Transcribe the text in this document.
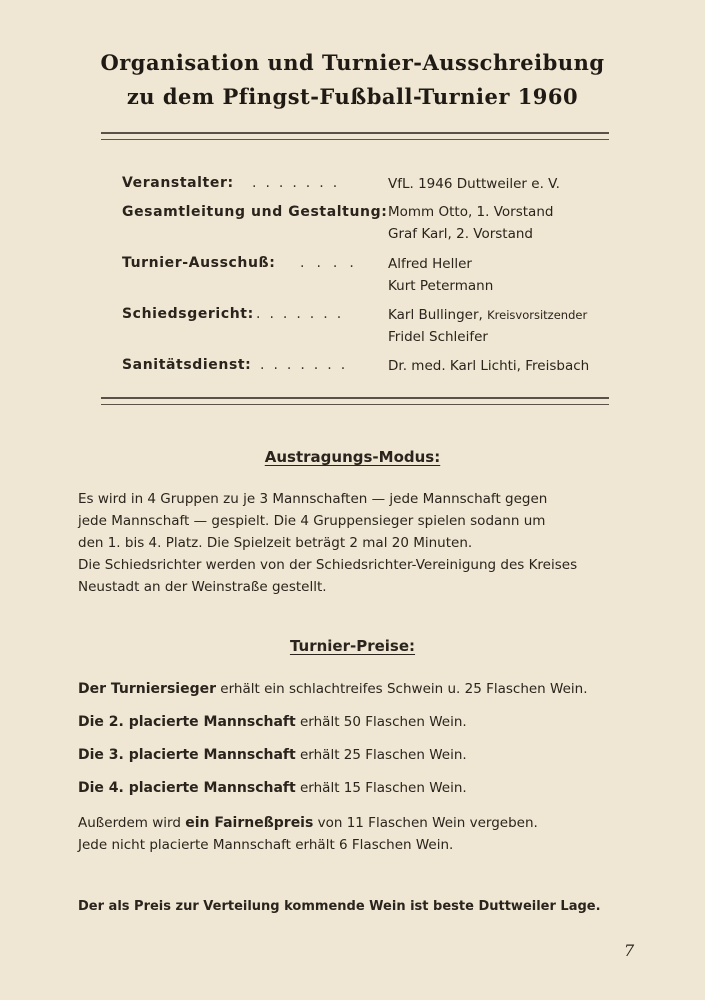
Organisation und Turnier-Ausschreibung
zu dem Pfingst-Fußball-Turnier 1960
Veranstalter: .......	VfL. 1946 Duttweiler e. V.
Gesamtleitung und Gestaltung: Momm Otto, 1. Vorstand
Graf Karl, 2. Vorstand
Turnier-Ausschuß: .... Alfred Heller
Kurt Petermann
Schiedsgericht: .......	Karl Bullinger, Kreisvorsitzender
Fridel Schleifer
Sanitätsdienst: .......	Dr. med. Karl Lichti, Freisbach
Austragungs-Modus:
Es wird in 4 Gruppen zu je 3 Mannschaften — jede Mannschaft gegen
jede Mannschaft — gespielt. Die 4 Gruppensieger spielen sodann um
den 1. bis 4. Platz. Die Spielzeit beträgt 2 mal 20 Minuten.
Die Schiedsrichter werden von der Schiedsrichter-Vereinigung des Kreises
Neustadt an der Weinstraße gestellt.
Turnier-Preise:
Der Turniersieger erhält ein schlachtreifes Schwein u. 25 Flaschen Wein.
Die 2. placierte Mannschaft erhält 50 Flaschen Wein.
Die 3. placierte Mannschaft erhält 25 Flaschen Wein.
Die 4. placierte Mannschaft erhält 15 Flaschen Wein.
Außerdem wird ein Fairneßpreis von 11 Flaschen Wein vergeben.
Jede nicht placierte Mannschaft erhält 6 Flaschen Wein.
Der als Preis zur Verteilung kommende Wein ist beste Duttweiler Lage.
7
